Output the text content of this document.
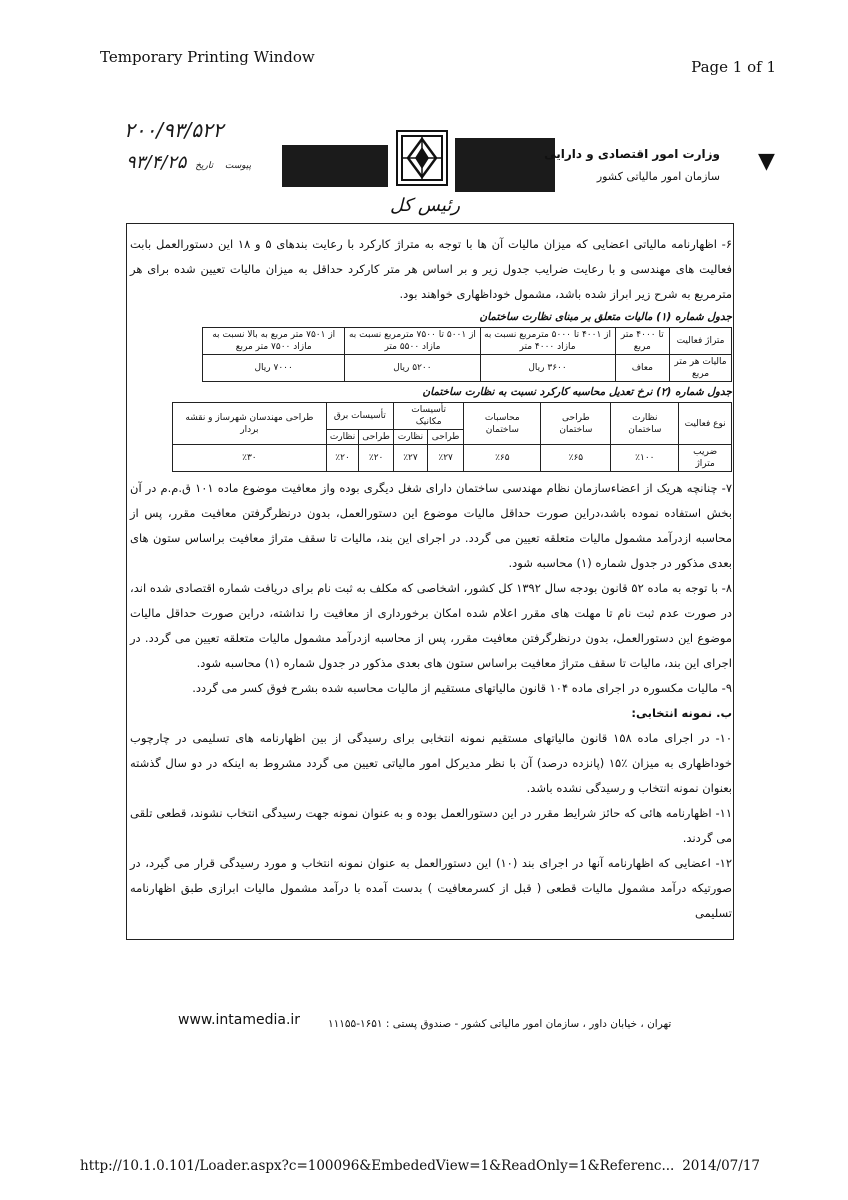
Temporary Printing Window
Page 1 of 1
۲۰۰/۹۳/۵۲۲
۹۳/۴/۲۵	پیوست تاریخ
وزارت امور اقتصادی و دارایی
سازمان امور مالیاتی کشور
▼
رئیس کل

۶- اظهارنامه مالیاتی اعضایی که میزان مالیات آن ها با توجه به متراژ کارکرد با رعایت بندهای ۵ و ۱۸ این دستورالعمل بابت فعالیت های مهندسی و با رعایت ضرایب جدول زیر و بر اساس هر متر کارکرد حداقل به میزان مالیات تعیین شده برای هر مترمربع به شرح زیر ابراز شده باشد، مشمول خوداظهاری خواهند بود.

جدول شماره (۱) مالیات متعلق بر مبنای نظارت ساختمان

متراژ فعالیت	تا ۴۰۰۰ متر مربع	از ۴۰۰۱ تا ۵۰۰۰ مترمربع نسبت به مازاد ۴۰۰۰ متر	از ۵۰۰۱ تا ۷۵۰۰ مترمربع نسبت به مازاد ۵۵۰۰ متر	از ۷۵۰۱ متر مربع به بالا نسبت به مازاد ۷۵۰۰ متر مربع
مالیات هر متر مربع	معاف	۳۶۰۰ ریال	۵۲۰۰ ریال	۷۰۰۰ ریال

جدول شماره (۲) نرخ تعدیل محاسبه کارکرد نسبت به نظارت ساختمان

نوع فعالیت	نظارت ساختمان	طراحی ساختمان	محاسبات ساختمان	تأسیسات مکانیک		تأسیسات برق		طراحی مهندسان شهرساز و نقشه بردار
				طراحی	نظارت	طراحی	نظارت	
ضریب متراژ	٪۱۰۰	٪۶۵	٪۶۵	٪۲۷	٪۲۷	٪۲۰	٪۲۰	٪۳۰

۷- چنانچه هریک از اعضاءسازمان نظام مهندسی ساختمان دارای شغل دیگری بوده واز معافیت موضوع ماده ۱۰۱ ق.م.م در آن بخش استفاده نموده باشد،دراین صورت حداقل مالیات موضوع این دستورالعمل، بدون درنظرگرفتن معافیت مقرر، پس از محاسبه ازدرآمد مشمول مالیات متعلقه تعیین می گردد. در اجرای این بند، مالیات تا سقف متراژ معافیت براساس ستون های بعدی مذکور در جدول شماره (۱) محاسبه شود.

۸- با توجه به ماده ۵۲ قانون بودجه سال ۱۳۹۲ کل کشور، اشخاصی که مکلف به ثبت نام برای دریافت شماره اقتصادی شده اند، در صورت عدم ثبت نام تا مهلت های مقرر اعلام شده امکان برخورداری از معافیت را نداشته، دراین صورت حداقل مالیات موضوع این دستورالعمل، بدون درنظرگرفتن معافیت مقرر، پس از محاسبه ازدرآمد مشمول مالیات متعلقه تعیین می گردد. در اجرای این بند، مالیات تا سقف متراژ معافیت براساس ستون های بعدی مذکور در جدول شماره (۱) محاسبه شود.

۹- مالیات مکسوره در اجرای ماده ۱۰۴ قانون مالیاتهای مستقیم از مالیات محاسبه شده بشرح فوق کسر می گردد.

ب. نمونه انتخابی:

۱۰- در اجرای ماده ۱۵۸ قانون مالیاتهای مستقیم نمونه انتخابی برای رسیدگی از بین اظهارنامه های تسلیمی در چارچوب خوداظهاری به میزان ٪۱۵ (پانزده درصد) آن با نظر مدیرکل امور مالیاتی تعیین می گردد مشروط به اینکه در دو سال گذشته بعنوان نمونه انتخاب و رسیدگی نشده باشد.

۱۱- اظهارنامه هائی که حائز شرایط مقرر در این دستورالعمل بوده و به عنوان نمونه جهت رسیدگی انتخاب نشوند، قطعی تلقی می گردند.

۱۲- اعضایی که اظهارنامه آنها در اجرای بند (۱۰) این دستورالعمل به عنوان نمونه انتخاب و مورد رسیدگی قرار می گیرد، در صورتیکه درآمد مشمول مالیات قطعی ( قبل از کسرمعافیت ) بدست آمده با درآمد مشمول مالیات ابرازی طبق اظهارنامه تسلیمی

www.intamedia.ir	تهران ، خیابان داور ، سازمان امور مالیاتی کشور - صندوق پستی : ۱۶۵۱-۱۱۱۵۵
http://10.1.0.101/Loader.aspx?c=100096&EmbededView=1&ReadOnly=1&Referenc... 2014/07/17
